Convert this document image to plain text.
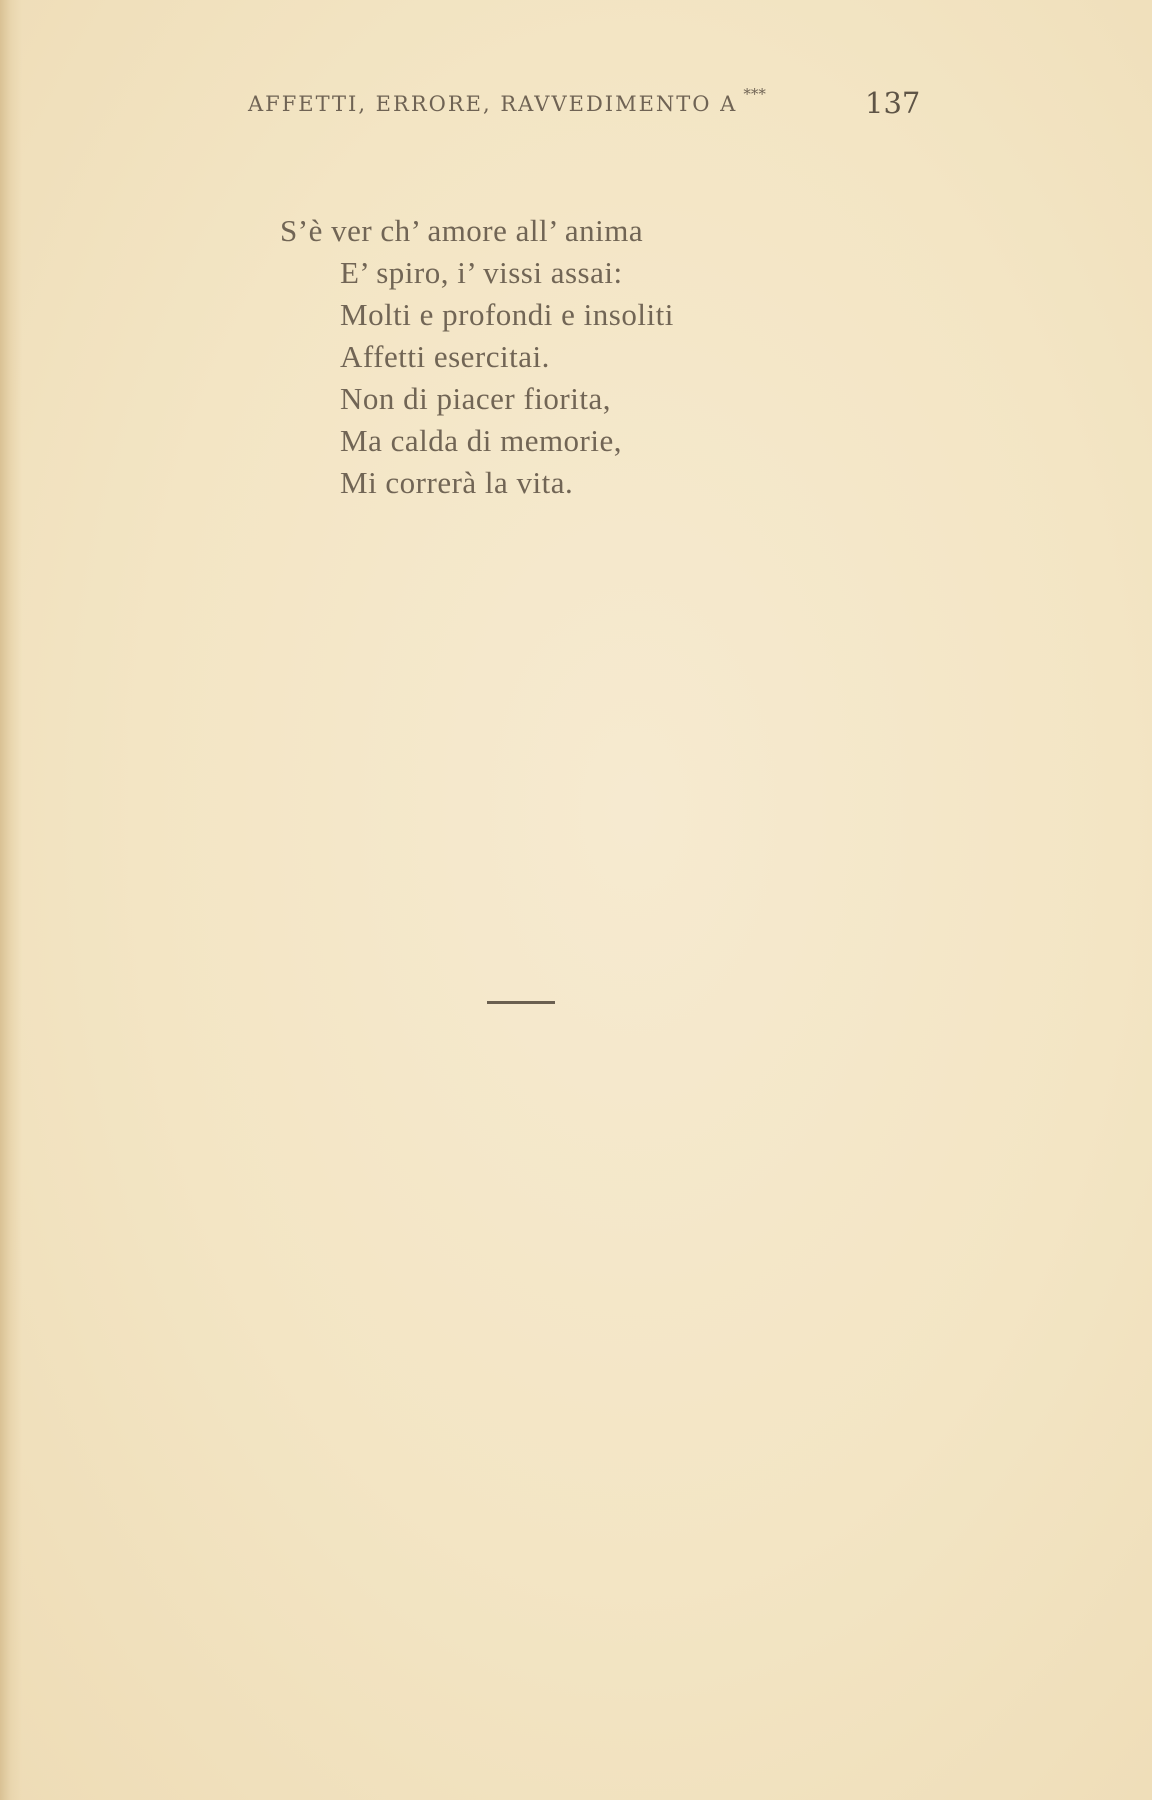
AFFETTI, ERRORE, RAVVEDIMENTO A ***	137
S’è ver ch’ amore all’ anima
E’ spiro, i’ vissi assai:
Molti e profondi e insoliti
Affetti esercitai.
Non di piacer fiorita,
Ma calda di memorie,
Mi correrà la vita.
